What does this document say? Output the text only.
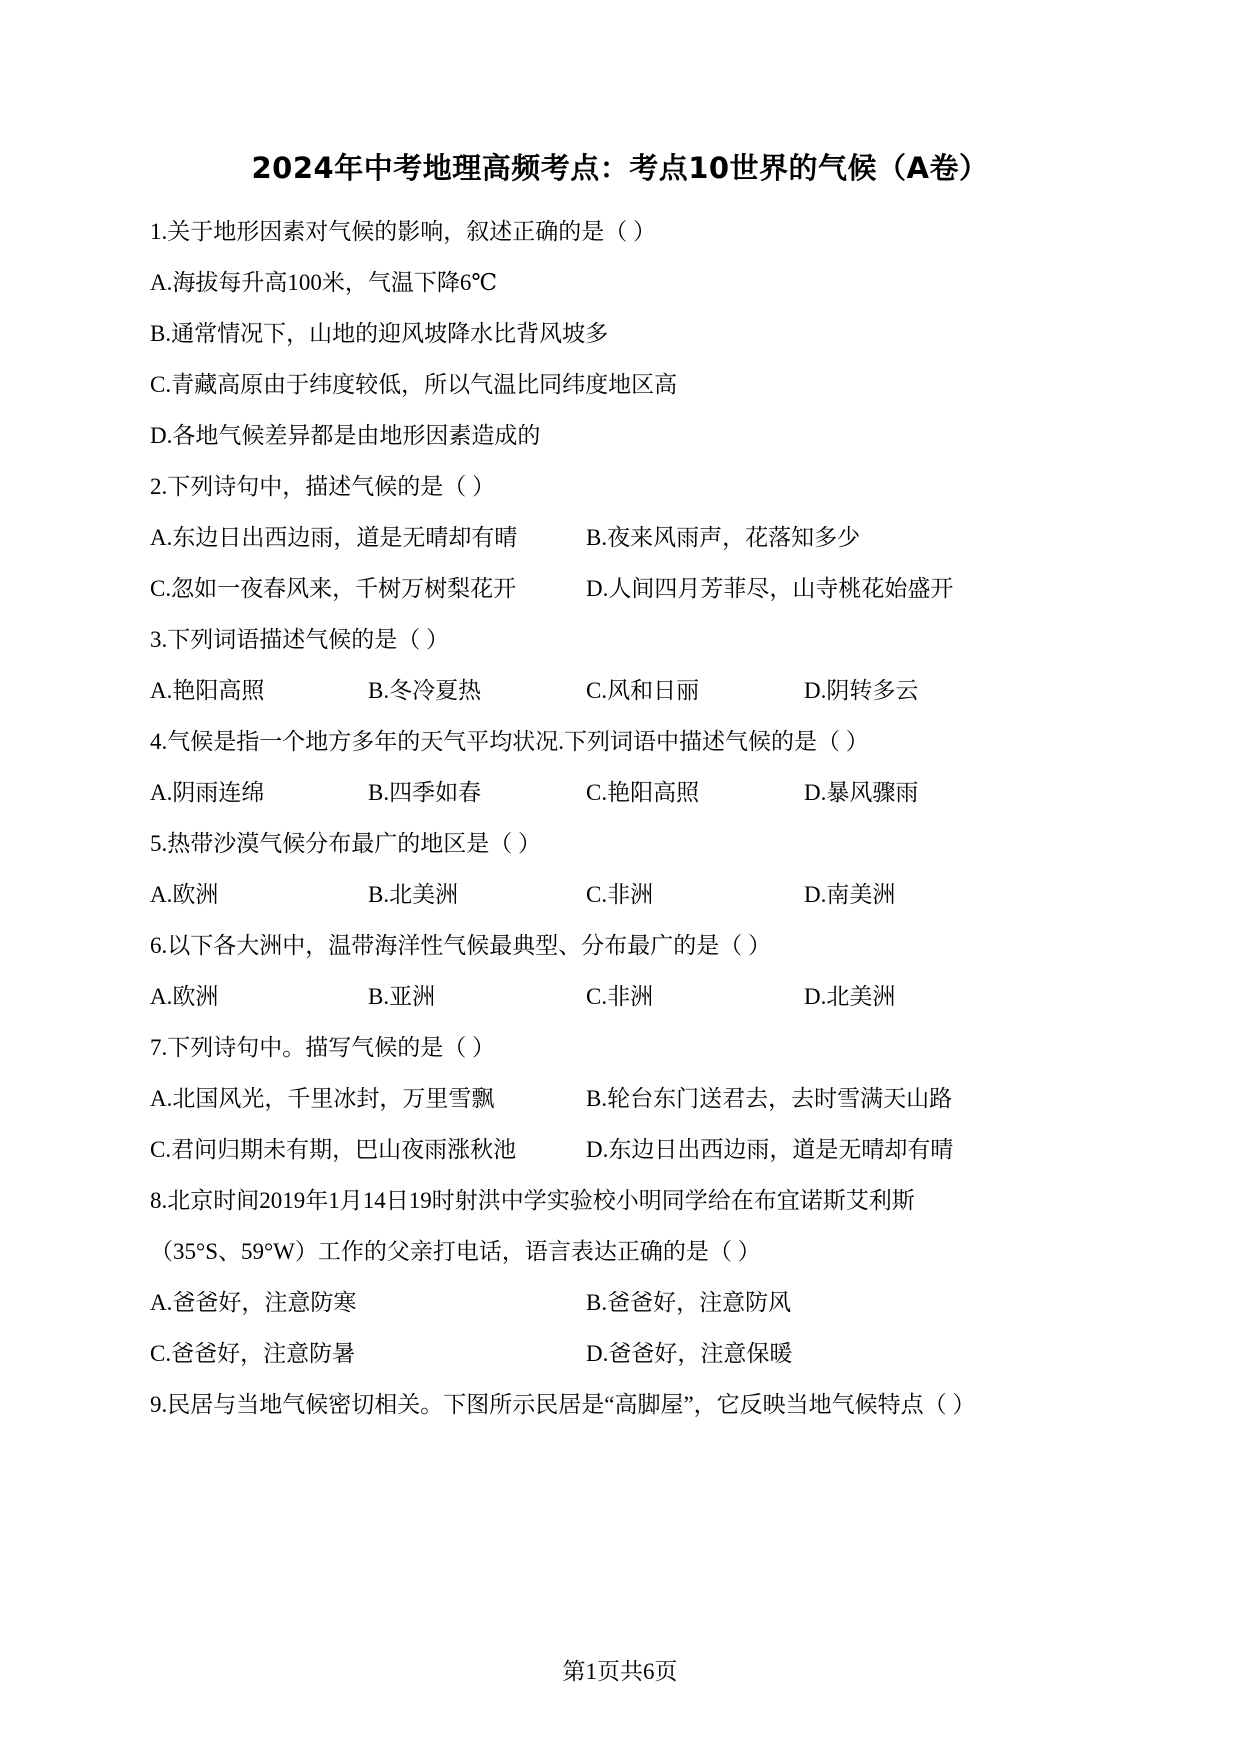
2024年中考地理高频考点：考点10世界的气候（A卷）
1.关于地形因素对气候的影响，叙述正确的是（ ）
A.海拔每升高100米，气温下降6℃
B.通常情况下，山地的迎风坡降水比背风坡多
C.青藏高原由于纬度较低，所以气温比同纬度地区高
D.各地气候差异都是由地形因素造成的
2.下列诗句中，描述气候的是（ ）
A.东边日出西边雨，道是无晴却有晴	B.夜来风雨声，花落知多少
C.忽如一夜春风来，千树万树梨花开	D.人间四月芳菲尽，山寺桃花始盛开
3.下列词语描述气候的是（ ）
A.艳阳高照	B.冬冷夏热	C.风和日丽	D.阴转多云
4.气候是指一个地方多年的天气平均状况.下列词语中描述气候的是（ ）
A.阴雨连绵	B.四季如春	C.艳阳高照	D.暴风骤雨
5.热带沙漠气候分布最广的地区是（ ）
A.欧洲	B.北美洲	C.非洲	D.南美洲
6.以下各大洲中，温带海洋性气候最典型、分布最广的是（ ）
A.欧洲	B.亚洲	C.非洲	D.北美洲
7.下列诗句中。描写气候的是（ ）
A.北国风光，千里冰封，万里雪飘	B.轮台东门送君去，去时雪满天山路
C.君问归期未有期，巴山夜雨涨秋池	D.东边日出西边雨，道是无晴却有晴
8.北京时间2019年1月14日19时射洪中学实验校小明同学给在布宜诺斯艾利斯
（35°S、59°W）工作的父亲打电话，语言表达正确的是（ ）
A.爸爸好，注意防寒	B.爸爸好，注意防风
C.爸爸好，注意防暑	D.爸爸好，注意保暖
9.民居与当地气候密切相关。下图所示民居是“高脚屋”，它反映当地气候特点（ ）
第1页共6页
